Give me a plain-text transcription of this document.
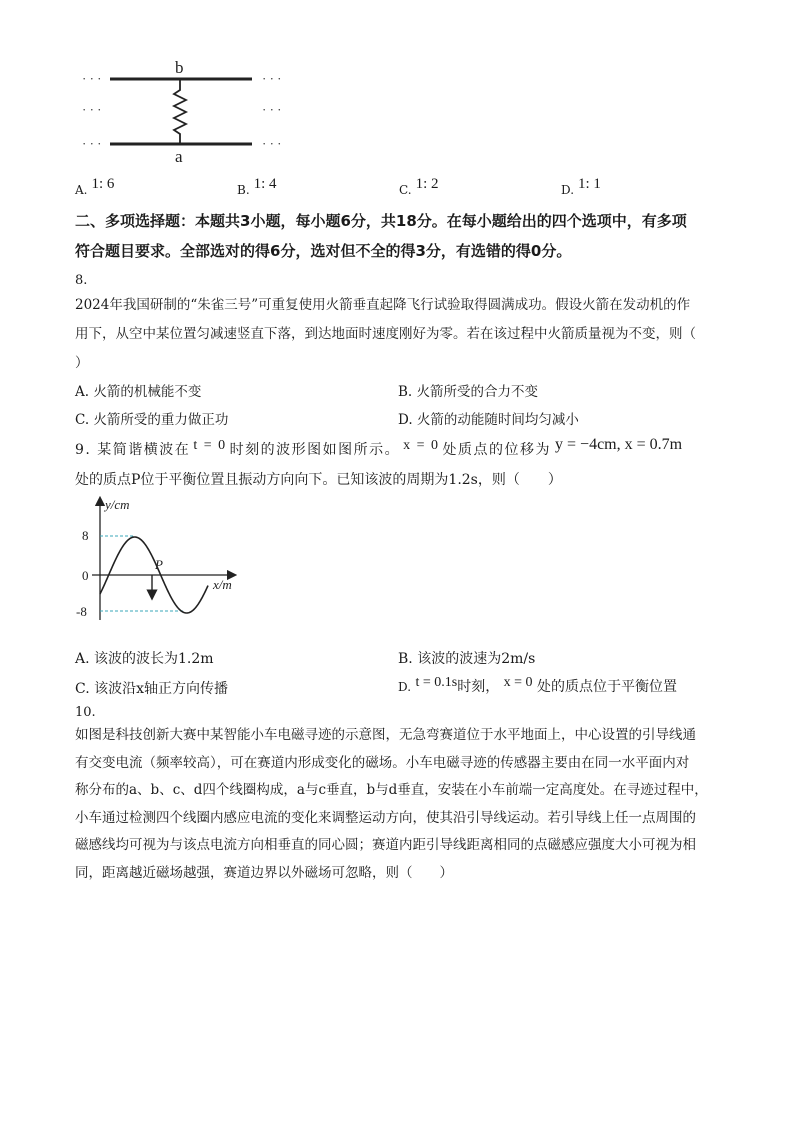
b
a
· · ·
· · ·
· · ·
· · ·
· · ·
· · ·
A. 1: 6	B. 1: 4	C. 1: 2	D. 1: 1
二、多项选择题：本题共3小题，每小题6分，共18分。在每小题给出的四个选项中，有多项
符合题目要求。全部选对的得6分，选对但不全的得3分，有选错的得0分。
8.
2024年我国研制的“朱雀三号”可重复使用火箭垂直起降飞行试验取得圆满成功。假设火箭在发动机的作
用下，从空中某位置匀减速竖直下落，到达地面时速度刚好为零。若在该过程中火箭质量视为不变，则（
）
A. 火箭的机械能不变	B. 火箭所受的合力不变
C. 火箭所受的重力做正功	D. 火箭的动能随时间均匀减小
9. 某简谐横波在 t = 0 时刻的波形图如图所示。 x = 0 处质点的位移为 y = −4cm, x = 0.7m
处的质点P位于平衡位置且振动方向向下。已知该波的周期为1.2s，则（　　）
y/cm
x/m
8
0
-8
P
A. 该波的波长为1.2m	B. 该波的波速为2m/s
C. 该波沿x轴正方向传播	D. t = 0.1s时刻， x = 0 处的质点位于平衡位置
10.
如图是科技创新大赛中某智能小车电磁寻迹的示意图，无急弯赛道位于水平地面上，中心设置的引导线通
有交变电流（频率较高），可在赛道内形成变化的磁场。小车电磁寻迹的传感器主要由在同一水平面内对
称分布的a、b、c、d四个线圈构成，a与c垂直，b与d垂直，安装在小车前端一定高度处。在寻迹过程中，
小车通过检测四个线圈内感应电流的变化来调整运动方向，使其沿引导线运动。若引导线上任一点周围的
磁感线均可视为与该点电流方向相垂直的同心圆；赛道内距引导线距离相同的点磁感应强度大小可视为相
同，距离越近磁场越强，赛道边界以外磁场可忽略，则（　　）
